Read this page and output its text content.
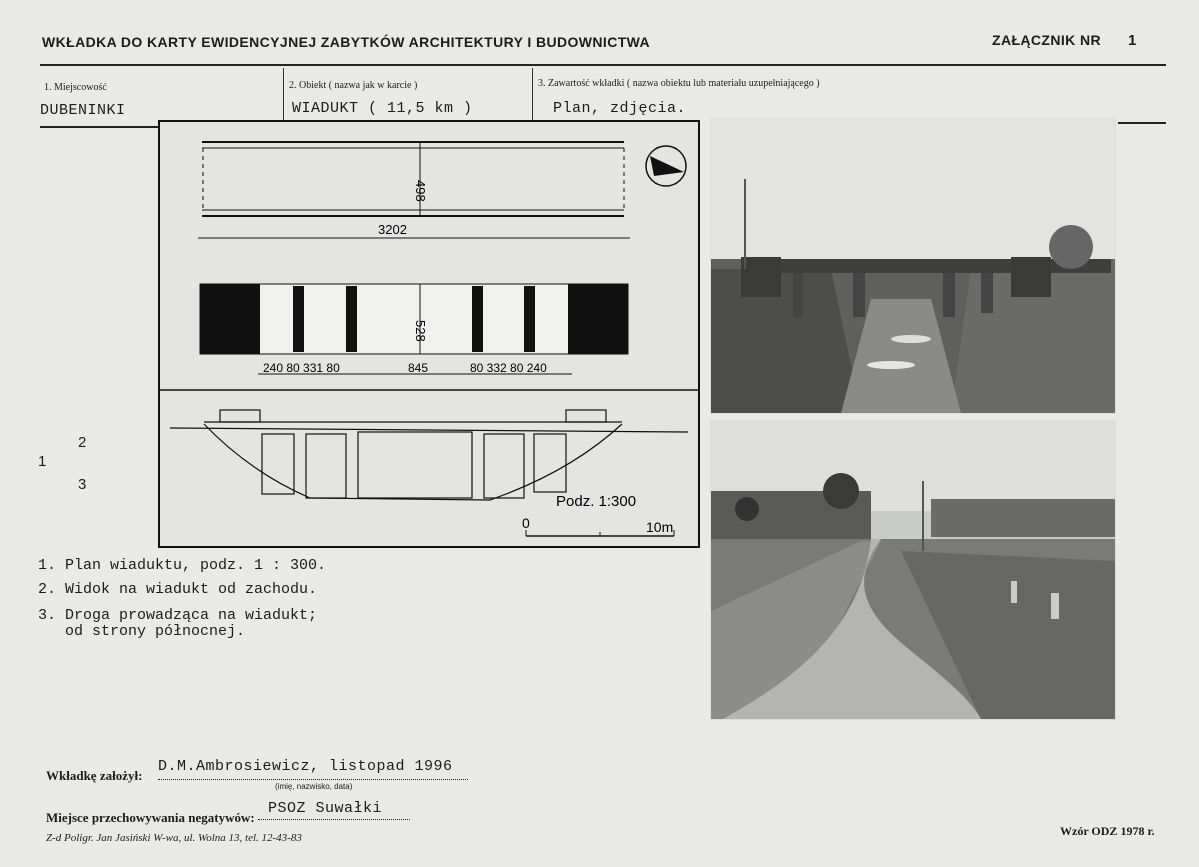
WKŁADKA DO KARTY EWIDENCYJNEJ ZABYTKÓW ARCHITEKTURY I BUDOWNICTWA	ZAŁĄCZNIK NR 1
1. Miejscowość	2. Obiekt ( nazwa jak w karcie )	3. Zawartość wkładki ( nazwa obiektu lub materiału uzupełniającego )
DUBENINKI	WIADUKT ( 11,5 km )	Plan, zdjęcia.
498
3202
528
240 80 331 80	845	80 332 80 240
Podz. 1:300
0	10m
2
1
3
1. Plan wiaduktu, podz. 1 : 300.
2. Widok na wiadukt od zachodu.
3. Droga prowadząca na wiadukt;
od strony północnej.
Wkładkę założył:
D.M.Ambrosiewicz, listopad 1996
(imię, nazwisko, data)
Miejsce przechowywania negatywów:
PSOZ Suwałki
Z-d Poligr. Jan Jasiński W-wa, ul. Wolna 13, tel. 12-43-83	Wzór ODZ 1978 r.
